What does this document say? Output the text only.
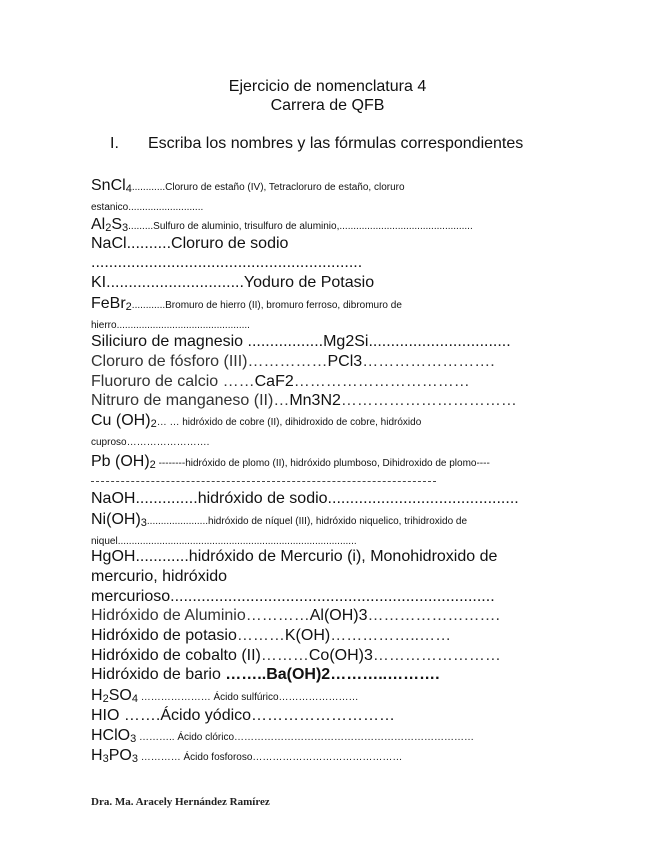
Ejercicio de nomenclatura 4
Carrera de QFB
I. Escriba los nombres y las fórmulas correspondientes
SnCl4............Cloruro de estaño (IV), Tetracloruro de estaño, cloruro
estanico...........................
Al2S3.........Sulfuro de aluminio, trisulfuro de aluminio,................................................
NaCl..........Cloruro de sodio
.............................................................
KI...............................Yoduro de Potasio
FeBr2............Bromuro de hierro (II), bromuro ferroso, dibromuro de
hierro................................................
Siliciuro de magnesio .................Mg2Si................................
Cloruro de fósforo (III)……………PCl3…………………….
Fluoruro de calcio ……CaF2……………………………
Nitruro de manganeso (II)…Mn3N2……………………………
Cu (OH)2… … hidróxido de cobre (II), dihidroxido de cobre, hidróxido
cuproso…………………….
Pb (OH)2 --------hidróxido de plomo (II), hidróxido plumboso, Dihidroxido de plomo----
NaOH..............hidróxido de sodio...........................................
Ni(OH)3......................hidróxido de níquel (III), hidróxido niquelico, trihidroxido de
niquel......................................................................................
HgOH............hidróxido de Mercurio (i), Monohidroxido de
mercurio, hidróxido
mercurioso.........................................................................
Hidróxido de Aluminio…………Al(OH)3…………………….
Hidróxido de potasio………K(OH)……………..……
Hidróxido de cobalto (II)………Co(OH)3……………………
Hidróxido de bario ……..Ba(OH)2………..……….
H2SO4 ………………… Ácido sulfúrico……………………
HIO …….Ácido yódico………………………
HClO3 ……….. Ácido clórico………………………………………………………………
H3PO3 ………… Ácido fosforoso………………………………………
Dra. Ma. Aracely Hernández Ramírez
